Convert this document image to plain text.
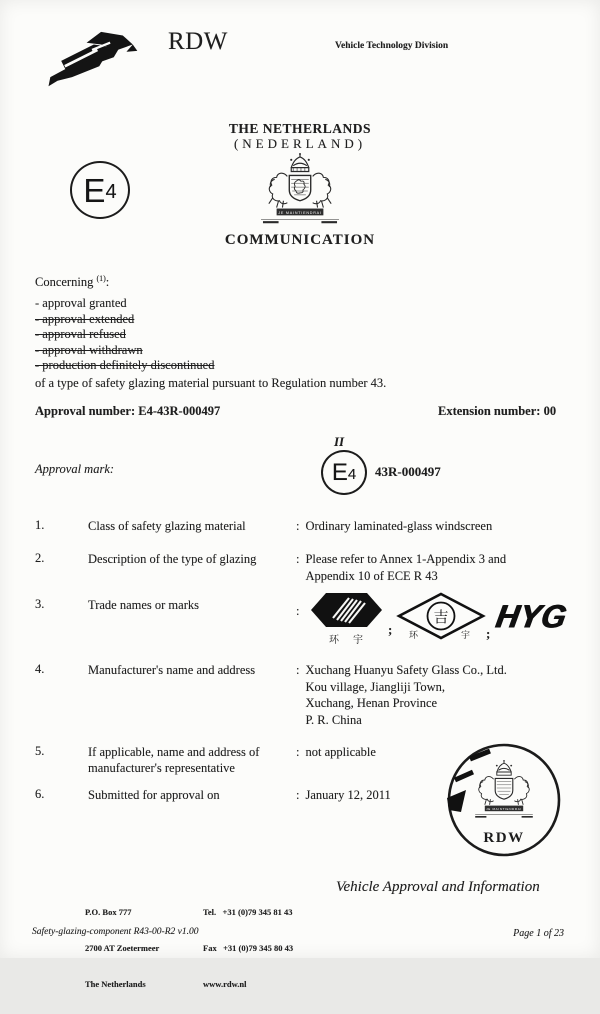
RDW	Vehicle Technology Division
THE NETHERLANDS
(NEDERLAND)
JE MAINTIENDRAI
COMMUNICATION
E 4
Concerning $^{(1)}$:
- approval granted
- approval extended
- approval refused
- approval withdrawn
- production definitely discontinued
of a type of safety glazing material pursuant to Regulation number 43.
Approval number: E4-43R-000497	Extension number: 00
Approval mark:
II
E 4 43R-000497
1.	Class of safety glazing material	: Ordinary laminated-glass windscreen
2.	Description of the type of glazing	: Please refer to Annex 1-Appendix 3 and
Appendix 10 of ECE R 43
3.	Trade names or marks	:
环 宇
;
吉
环	宇 ; HYG
4.	Manufacturer's name and address	: Xuchang Huanyu Safety Glass Co., Ltd.
Kou village, Jiangliji Town,
Xuchang, Henan Province
P. R. China
5.	If applicable, name and address of
manufacturer's representative
: not applicable
6.	Submitted for approval on	: January 12, 2011
JE MAINTIENDRAI
RDW

P.O. Box 777

2700 AT Zoetermeer

The Netherlands

Tel.   +31 (0)79 345 81 43

Fax   +31 (0)79 345 80 43

www.rdw.nl

Vehicle Approval and Information
Safety-glazing-component R43-00-R2 v1.00	Page 1 of 23
